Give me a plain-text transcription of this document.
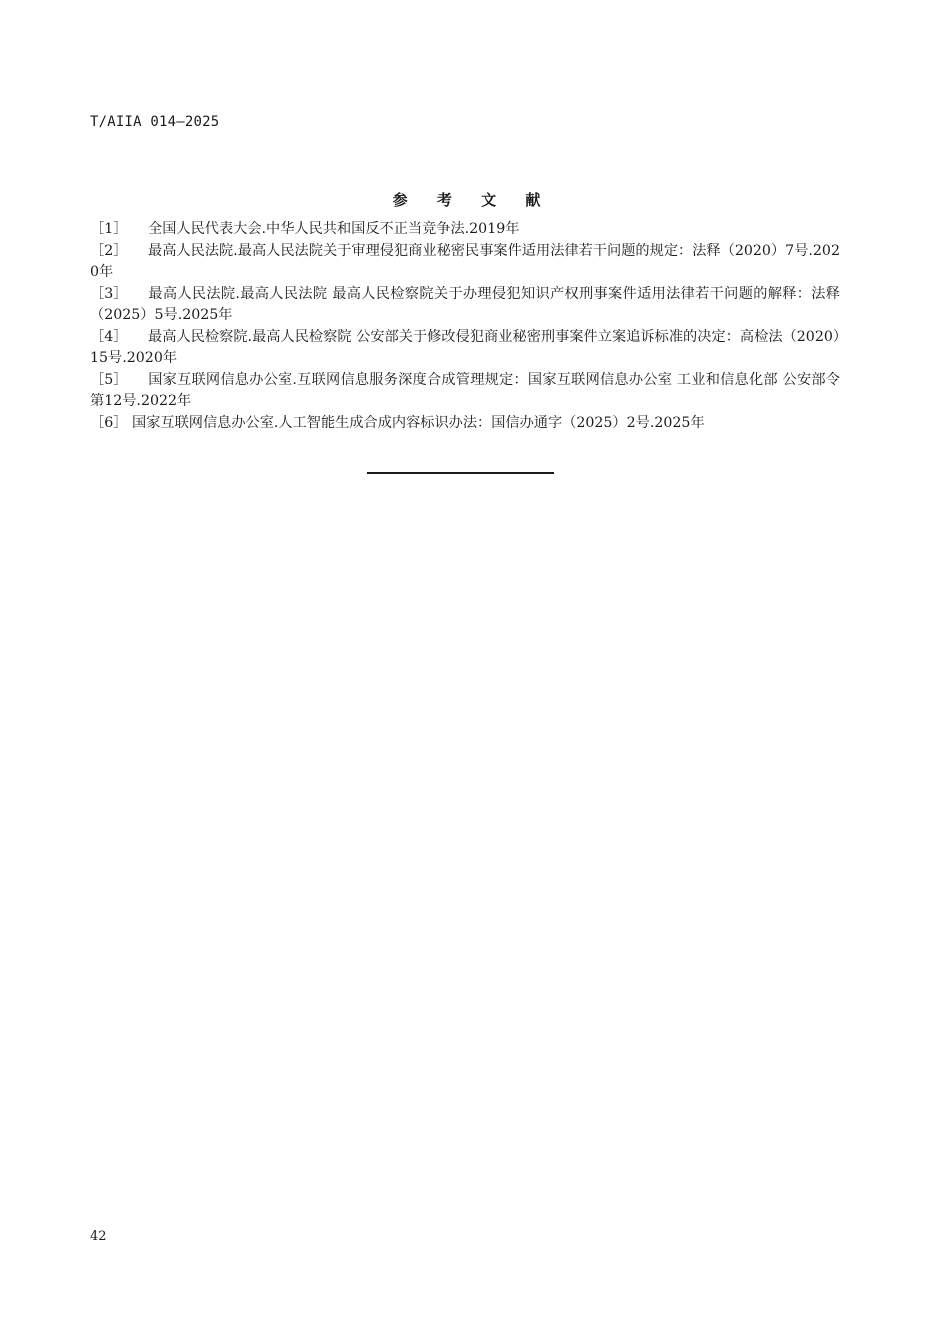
T/AIIA 014—2025
参 考 文 献
［1］ 全国人民代表大会.中华人民共和国反不正当竞争法.2019年
［2］ 最高人民法院.最高人民法院关于审理侵犯商业秘密民事案件适用法律若干问题的规定：法释（2020）7号.2020年
［3］ 最高人民法院.最高人民法院 最高人民检察院关于办理侵犯知识产权刑事案件适用法律若干问题的解释：法释（2025）5号.2025年
［4］ 最高人民检察院.最高人民检察院 公安部关于修改侵犯商业秘密刑事案件立案追诉标准的决定：高检法（2020）15号.2020年
［5］ 国家互联网信息办公室.互联网信息服务深度合成管理规定：国家互联网信息办公室 工业和信息化部 公安部令第12号.2022年
［6］ 国家互联网信息办公室.人工智能生成合成内容标识办法：国信办通字（2025）2号.2025年
42
